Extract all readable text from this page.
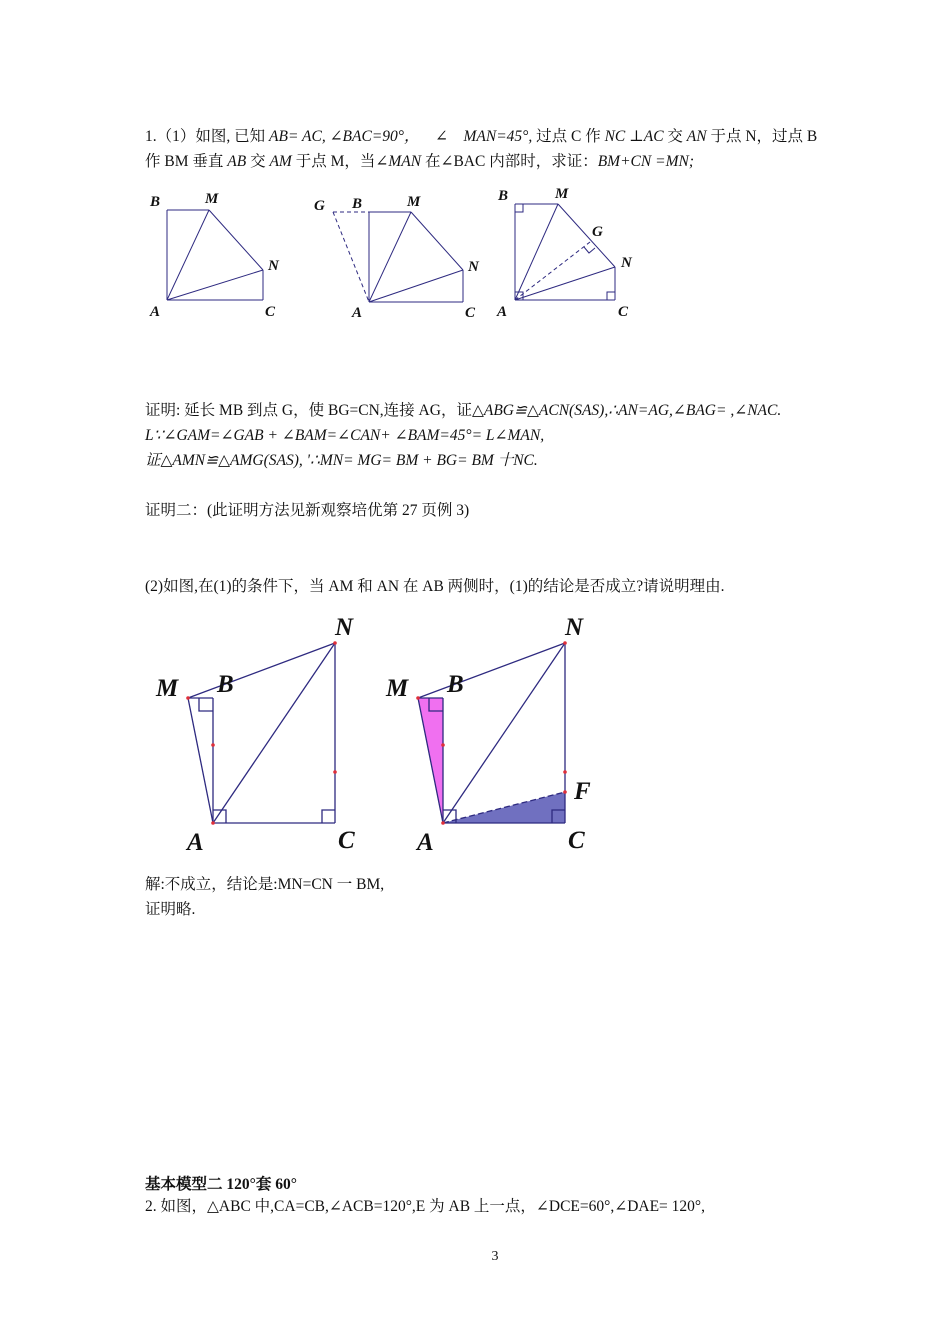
1.（1）如图, 已知 AB= AC, ∠BAC=90°，    ∠    MAN=45°, 过点 C 作 NC ⊥AC 交 AN 于点 N，过点 B
作 BM 垂直 AB 交 AM 于点 M，当∠MAN 在∠BAC 内部时，求证：BM+CN =MN;
B	M
N
A	C
G B	M
N
A	C
B	M
G
N
A	C
证明: 延长 MB 到点 G，使 BG=CN,连接 AG，证△ABG≌△ACN(SAS),∴AN=AG,∠BAG= ,∠NAC.
L∵∠GAM=∠GAB + ∠BAM=∠CAN+ ∠BAM=45°= L∠MAN,
证△AMN≌△AMG(SAS), '∴MN= MG= BM + BG= BM 十NC.
证明二：(此证明方法见新观察培优第 27 页例 3)
(2)如图,在(1)的条件下，当 AM 和 AN 在 AB 两侧时，(1)的结论是否成立?请说明理由.
M B
N
A	C
M B
N
F
A	C
解:不成立，结论是:MN=CN 一 BM,
证明略.
基本模型二 120°套 60°
2. 如图，△ABC 中,CA=CB,∠ACB=120°,E 为 AB 上一点，∠DCE=60°,∠DAE= 120°,
3
